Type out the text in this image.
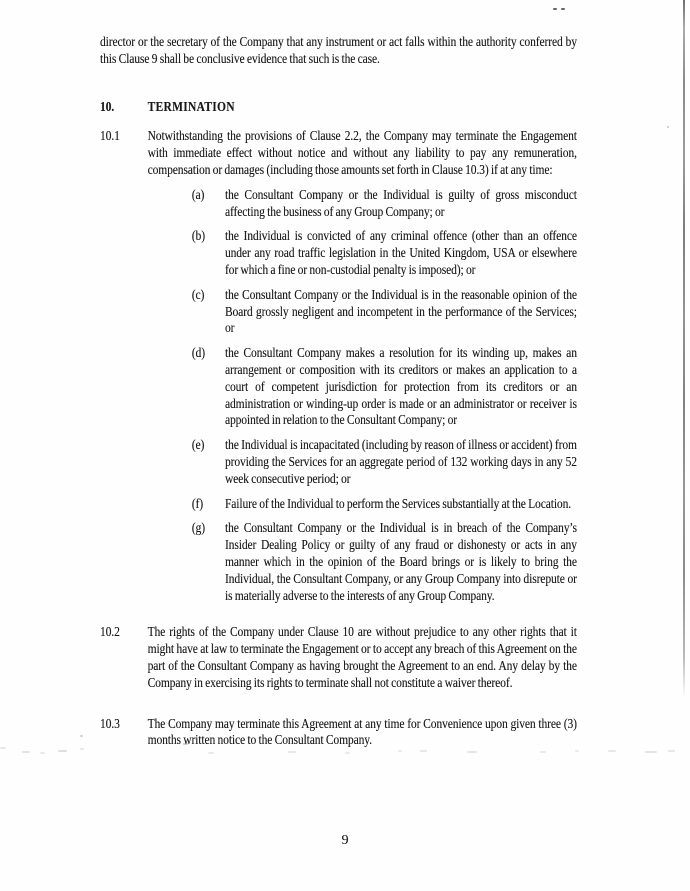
director or the secretary of the Company that any instrument or act falls within the authority conferred by this Clause 9 shall be conclusive evidence that such is the case.

10.	TERMINATION
10.1	Notwithstanding the provisions of Clause 2.2, the Company may terminate the Engagement with immediate effect without notice and without any liability to pay any remuneration, compensation or damages (including those amounts set forth in Clause 10.3) if at any time:

(a)	the Consultant Company or the Individual is guilty of gross misconduct affecting the business of any Group Company; or

(b)	the Individual is convicted of any criminal offence (other than an offence under any road traffic legislation in the United Kingdom, USA or elsewhere for which a fine or non-custodial penalty is imposed); or

(c)	the Consultant Company or the Individual is in the reasonable opinion of the Board grossly negligent and incompetent in the performance of the Services; or

(d)	the Consultant Company makes a resolution for its winding up, makes an arrangement or composition with its creditors or makes an application to a court of competent jurisdiction for protection from its creditors or an administration or winding-up order is made or an administrator or receiver is appointed in relation to the Consultant Company; or

(e)	the Individual is incapacitated (including by reason of illness or accident) from providing the Services for an aggregate period of 132 working days in any 52 week consecutive period; or

(f)	Failure of the Individual to perform the Services substantially at the Location.

(g)	the Consultant Company or the Individual is in breach of the Company’s Insider Dealing Policy or guilty of any fraud or dishonesty or acts in any manner which in the opinion of the Board brings or is likely to bring the Individual, the Consultant Company, or any Group Company into disrepute or is materially adverse to the interests of any Group Company.

10.2	The rights of the Company under Clause 10 are without prejudice to any other rights that it might have at law to terminate the Engagement or to accept any breach of this Agreement on the part of the Consultant Company as having brought the Agreement to an end. Any delay by the Company in exercising its rights to terminate shall not constitute a waiver thereof.

10.3	The Company may terminate this Agreement at any time for Convenience upon given three (3) months written notice to the Consultant Company.

9
